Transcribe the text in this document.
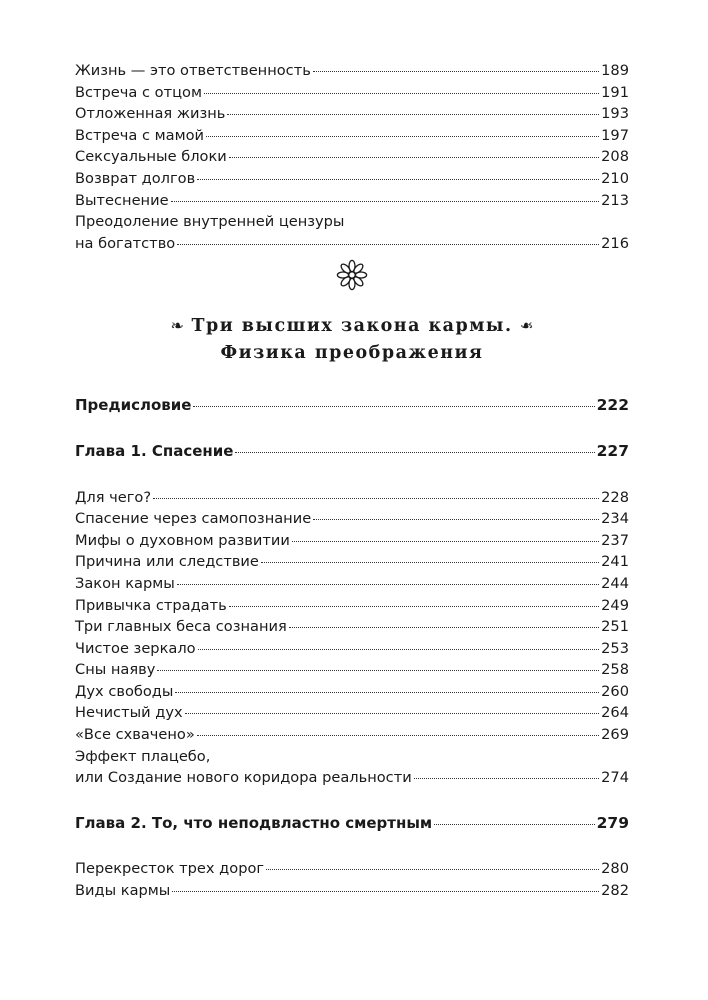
Жизнь — это ответственность	189
Встреча с отцом	191
Отложенная жизнь	193
Встреча с мамой	197
Сексуальные блоки	208
Возврат долгов	210
Вытеснение	213
Преодоление внутренней цензуры
на богатство	216
❧ Три высших закона кармы. ❧
Физика преображения
Предисловие	222
Глава 1. Спасение	227
Для чего?	228
Спасение через самопознание	234
Мифы о духовном развитии	237
Причина или следствие	241
Закон кармы	244
Привычка страдать	249
Три главных беса сознания	251
Чистое зеркало	253
Сны наяву	258
Дух свободы	260
Нечистый дух	264
«Все схвачено»	269
Эффект плацебо,
или Создание нового коридора реальности	274
Глава 2. То, что неподвластно смертным	279
Перекресток трех дорог	280
Виды кармы	282
